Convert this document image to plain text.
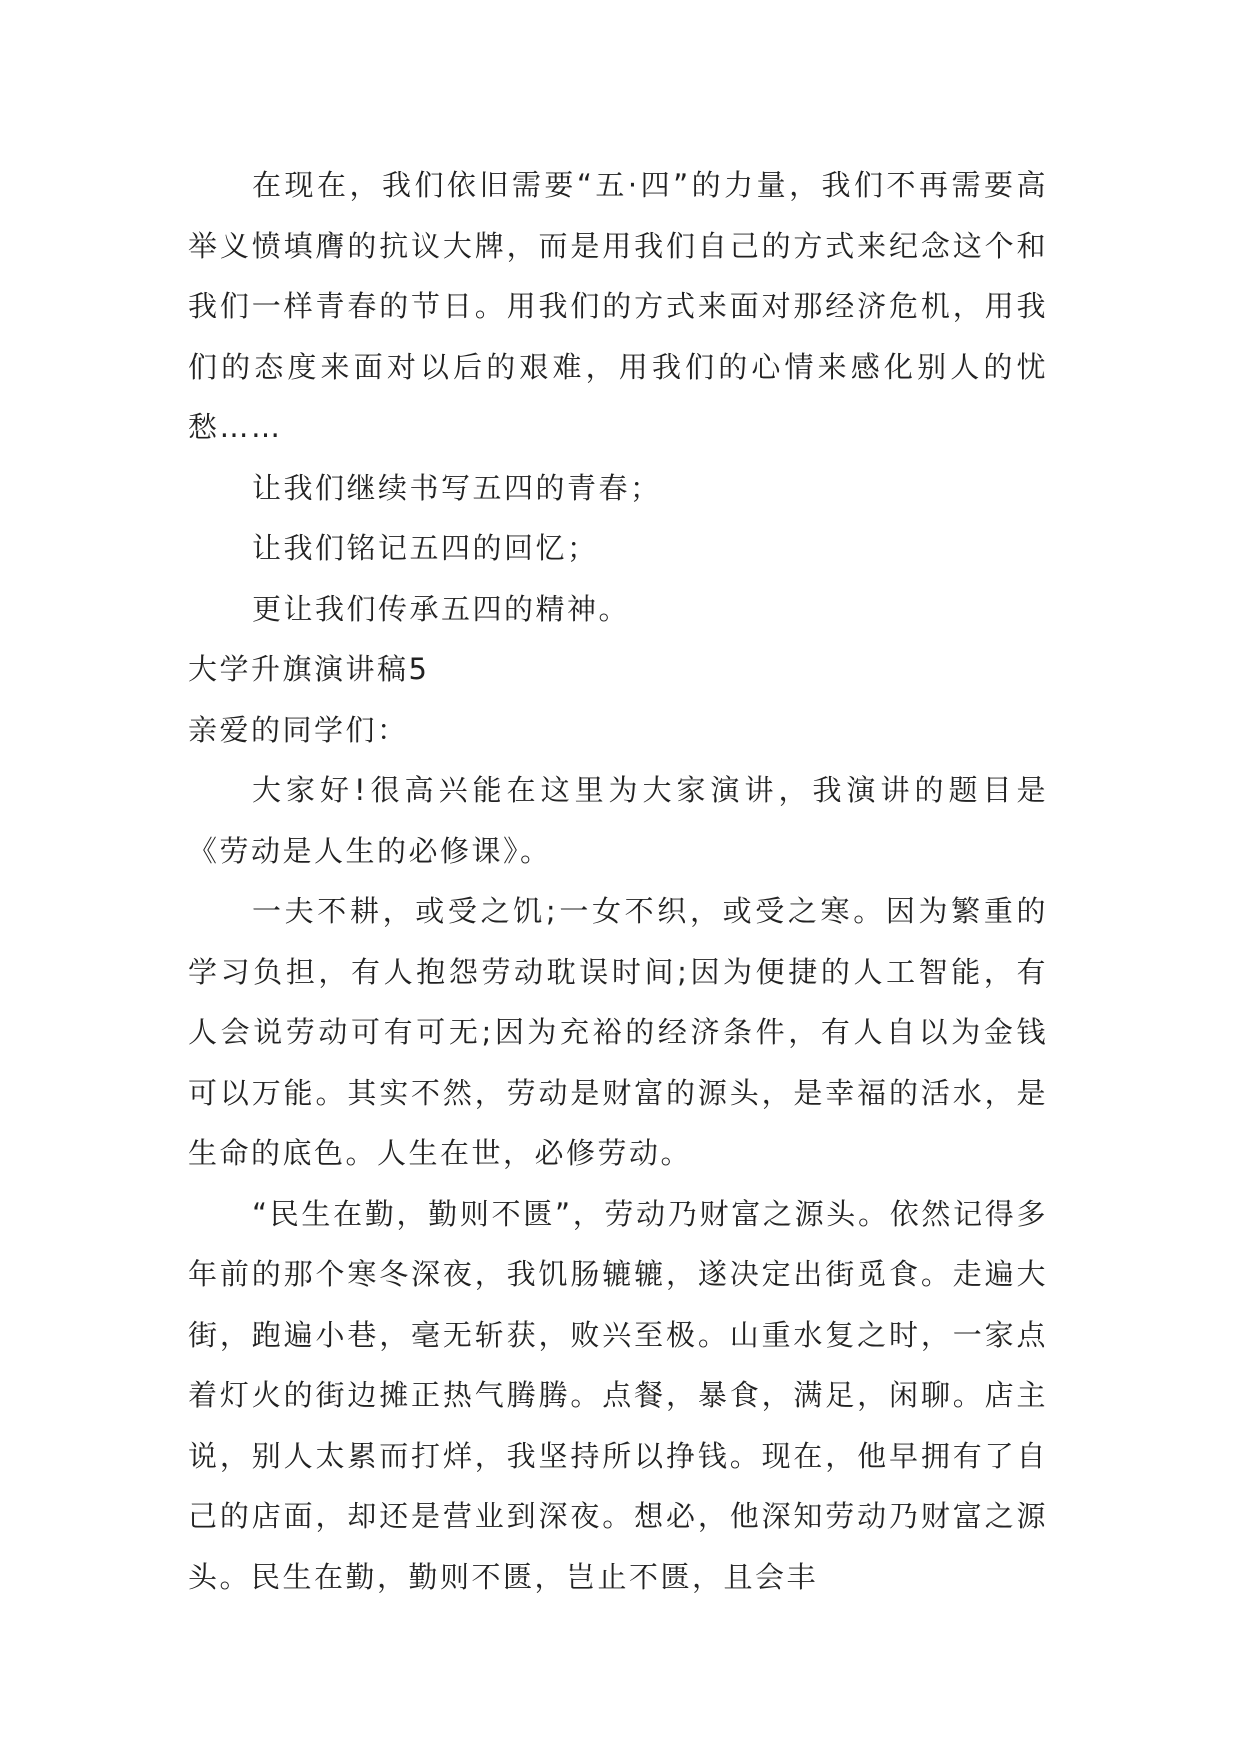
在现在，我们依旧需要“五·四”的力量，我们不再需要高举义愤填膺的抗议大牌，而是用我们自己的方式来纪念这个和我们一样青春的节日。用我们的方式来面对那经济危机，用我们的态度来面对以后的艰难，用我们的心情来感化别人的忧愁……

让我们继续书写五四的青春；

让我们铭记五四的回忆；

更让我们传承五四的精神。

大学升旗演讲稿5

亲爱的同学们：

大家好!很高兴能在这里为大家演讲，我演讲的题目是《劳动是人生的必修课》。

一夫不耕，或受之饥;一女不织，或受之寒。因为繁重的学习负担，有人抱怨劳动耽误时间;因为便捷的人工智能，有人会说劳动可有可无;因为充裕的经济条件，有人自以为金钱可以万能。其实不然，劳动是财富的源头，是幸福的活水，是生命的底色。人生在世，必修劳动。

“民生在勤，勤则不匮”，劳动乃财富之源头。依然记得多年前的那个寒冬深夜，我饥肠辘辘，遂决定出街觅食。走遍大街，跑遍小巷，毫无斩获，败兴至极。山重水复之时，一家点着灯火的街边摊正热气腾腾。点餐，暴食，满足，闲聊。店主说，别人太累而打烊，我坚持所以挣钱。现在，他早拥有了自己的店面，却还是营业到深夜。想必，他深知劳动乃财富之源头。民生在勤，勤则不匮，岂止不匮，且会丰
